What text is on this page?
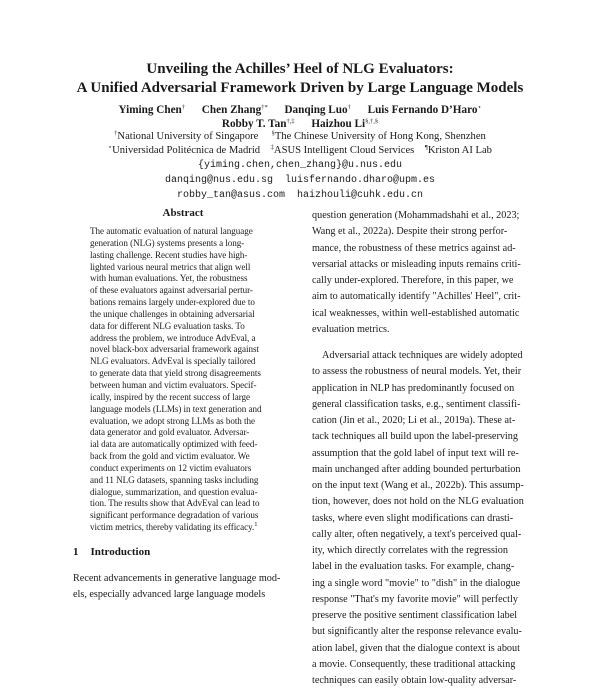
Unveiling the Achilles’ Heel of NLG Evaluators:
A Unified Adversarial Framework Driven by Large Language Models
Yiming Chen† Chen Zhang†* Danqing Luo† Luis Fernando D’Haro⋆
Robby T. Tan†,‡ Haizhou Li§,†,§
†National University of Singapore §The Chinese University of Hong Kong, Shenzhen
⋆Universidad Politécnica de Madrid ‡ASUS Intelligent Cloud Services ¶Kriston AI Lab
{yiming.chen,chen_zhang}@u.nus.edu
danqing@nus.edu.sg  luisfernando.dharo@upm.es
robby_tan@asus.com  haizhouli@cuhk.edu.cn
Abstract
The automatic evaluation of natural language
generation (NLG) systems presents a long-
lasting challenge. Recent studies have high-
lighted various neural metrics that align well
with human evaluations. Yet, the robustness
of these evaluators against adversarial pertur-
bations remains largely under-explored due to
the unique challenges in obtaining adversarial
data for different NLG evaluation tasks. To
address the problem, we introduce AdvEval, a
novel black-box adversarial framework against
NLG evaluators. AdvEval is specially tailored
to generate data that yield strong disagreements
between human and victim evaluators. Specif-
ically, inspired by the recent success of large
language models (LLMs) in text generation and
evaluation, we adopt strong LLMs as both the
data generator and gold evaluator. Adversar-
ial data are automatically optimized with feed-
back from the gold and victim evaluator. We
conduct experiments on 12 victim evaluators
and 11 NLG datasets, spanning tasks including
dialogue, summarization, and question evalua-
tion. The results show that AdvEval can lead to
significant performance degradation of various
victim metrics, thereby validating its efficacy.$^1$
1 Introduction
Recent advancements in generative language mod-
els, especially advanced large language models
question generation (Mohammadshahi et al., 2023;
Wang et al., 2022a). Despite their strong perfor-
mance, the robustness of these metrics against ad-
versarial attacks or misleading inputs remains criti-
cally under-explored. Therefore, in this paper, we
aim to automatically identify "Achilles' Heel", crit-
ical weaknesses, within well-established automatic
evaluation metrics.
Adversarial attack techniques are widely adopted
to assess the robustness of neural models. Yet, their
application in NLP has predominantly focused on
general classification tasks, e.g., sentiment classifi-
cation (Jin et al., 2020; Li et al., 2019a). These at-
tack techniques all build upon the label-preserving
assumption that the gold label of input text will re-
main unchanged after adding bounded perturbation
on the input text (Wang et al., 2022b). This assump-
tion, however, does not hold on the NLG evaluation
tasks, where even slight modifications can drasti-
cally alter, often negatively, a text's perceived qual-
ity, which directly correlates with the regression
label in the evaluation tasks. For example, chang-
ing a single word "movie" to "dish" in the dialogue
response "That's my favorite movie" will perfectly
preserve the positive sentiment classification label
but significantly alter the response relevance evalu-
ation label, given that the dialogue context is about
a movie. Consequently, these traditional attacking
techniques can easily obtain low-quality adversar-
